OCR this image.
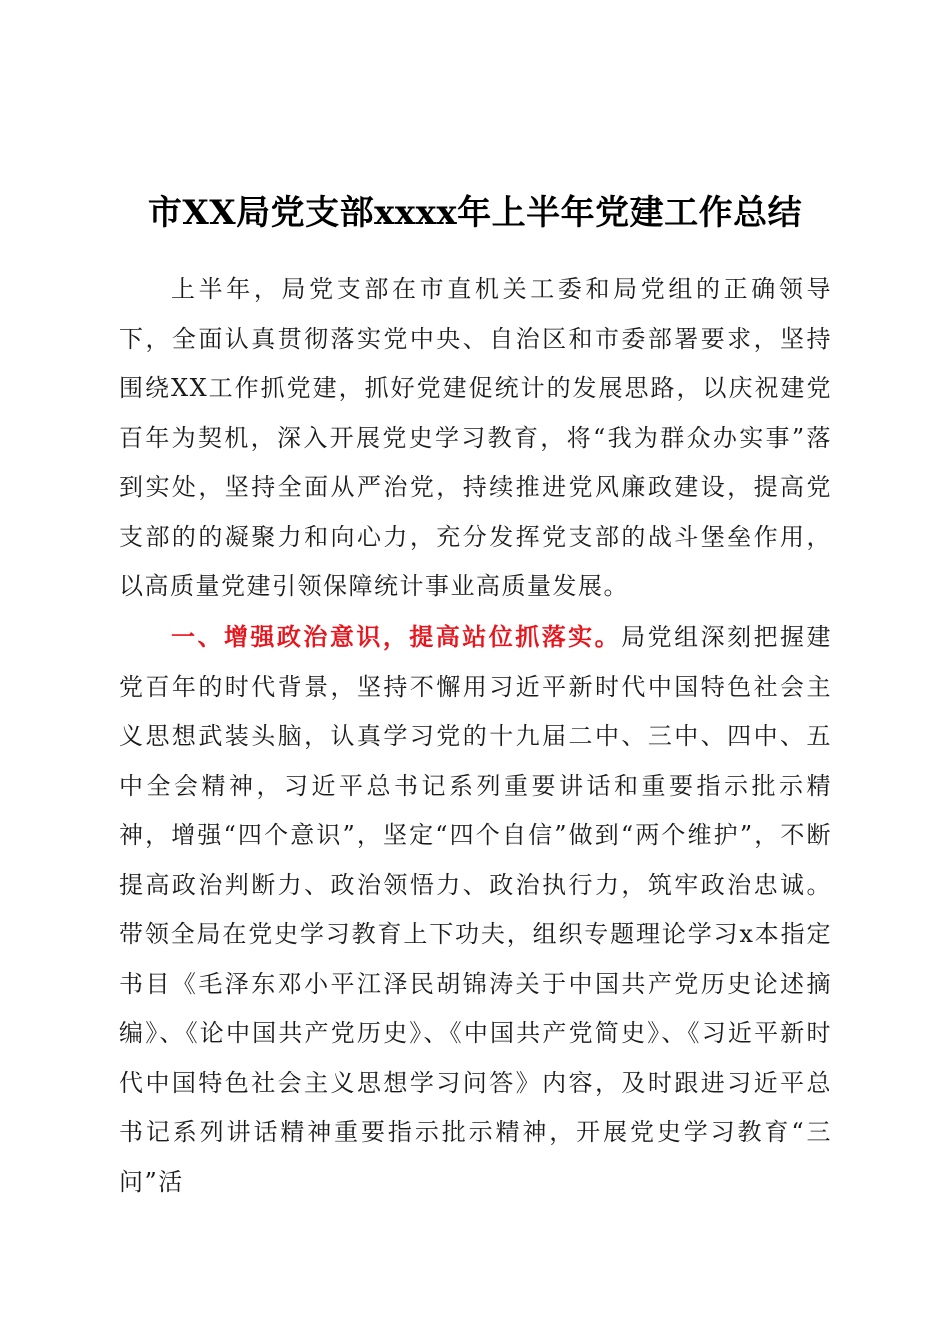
市XX局党支部xxxx年上半年党建工作总结

上半年，局党支部在市直机关工委和局党组的正确领导下，全面认真贯彻落实党中央、自治区和市委部署要求，坚持围绕XX工作抓党建，抓好党建促统计的发展思路，以庆祝建党百年为契机，深入开展党史学习教育，将“我为群众办实事”落到实处，坚持全面从严治党，持续推进党风廉政建设，提高党支部的的凝聚力和向心力，充分发挥党支部的战斗堡垒作用，以高质量党建引领保障统计事业高质量发展。

一、增强政治意识，提高站位抓落实。局党组深刻把握建党百年的时代背景，坚持不懈用习近平新时代中国特色社会主义思想武装头脑，认真学习党的十九届二中、三中、四中、五中全会精神，习近平总书记系列重要讲话和重要指示批示精神，增强“四个意识”，坚定“四个自信”做到“两个维护”，不断提高政治判断力、政治领悟力、政治执行力，筑牢政治忠诚。带领全局在党史学习教育上下功夫，组织专题理论学习x本指定书目《毛泽东邓小平江泽民胡锦涛关于中国共产党历史论述摘编》、《论中国共产党历史》、《中国共产党简史》、《习近平新时代中国特色社会主义思想学习问答》内容，及时跟进习近平总书记系列讲话精神重要指示批示精神，开展党史学习教育“三问”活
